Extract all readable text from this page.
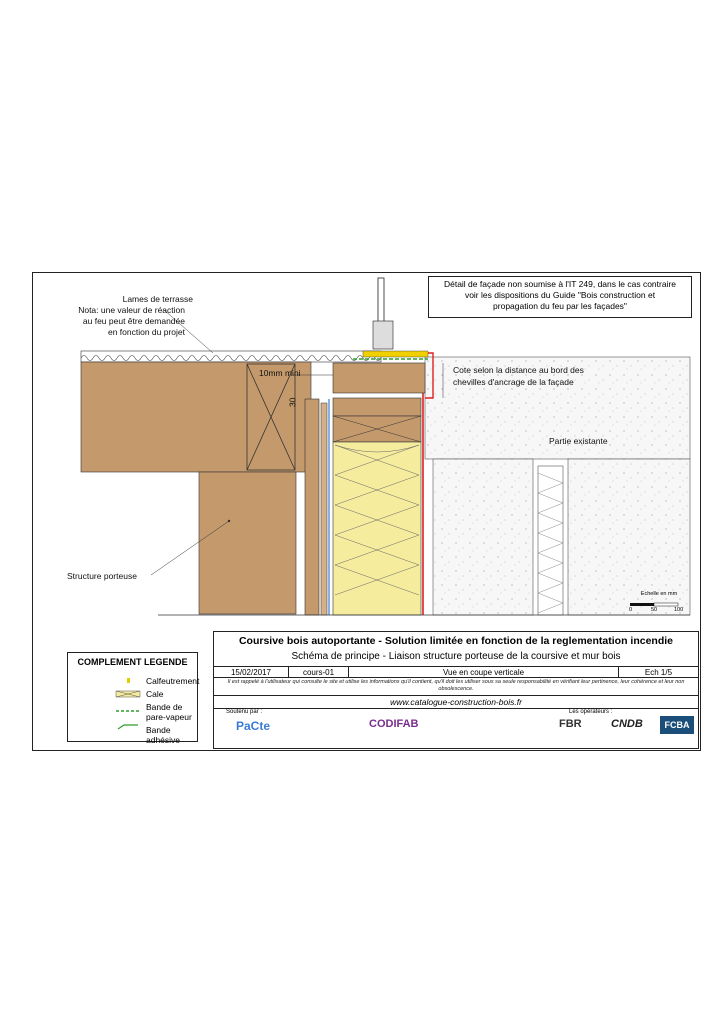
Lames de terrasse
Nota: une valeur de réaction
au feu peut être demandée
en fonction du projet
Structure porteuse
10mm mini
30
Cote selon la distance au bord des
chevilles d'ancrage de la façade
Partie existante
Détail de façade non soumise à l'IT 249, dans le cas contraire
voir les dispositions du Guide "Bois construction et
propagation du feu par les façades"
Echelle en mm
0	50	100
COMPLEMENT LEGENDE
Calfeutrement
Cale
Bande de
pare-vapeur
Bande adhésive
Coursive bois autoportante - Solution limitée en fonction de la reglementation incendie
Schéma de principe - Liaison structure porteuse de la coursive et mur bois
15/02/2017	cours-01	Vue en coupe verticale	Ech 1/5
Il est rappelé à l'utilisateur qui consulte le site et utilise les informations qu'il contient, qu'il doit les utiliser sous sa seule responsabilité en vérifiant leur pertinence, leur cohérence et leur non obsolescence.
www.catalogue-construction-bois.fr
Soutenu par :	Les opérateurs :
PaCte	CODIFAB	FBR	CNDB	FCBA
